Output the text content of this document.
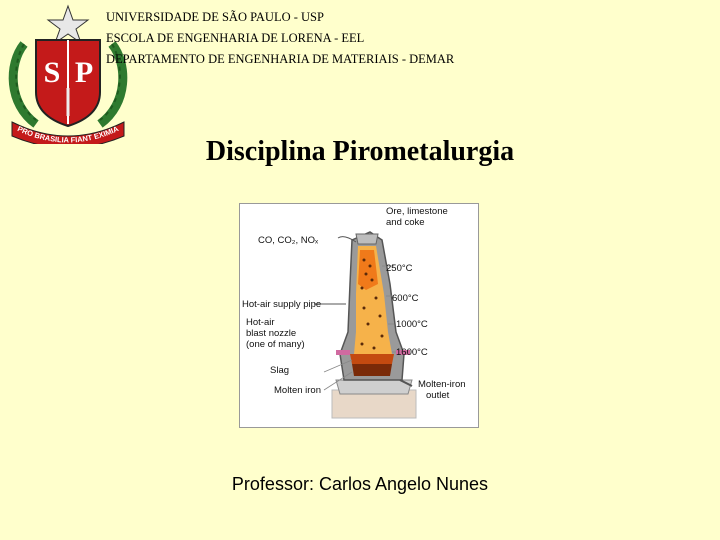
S P
PRO BRASILIA FIANT EXIMIA
UNIVERSIDADE DE SÃO PAULO - USP
ESCOLA DE ENGENHARIA DE LORENA - EEL
DEPARTAMENTO DE ENGENHARIA DE MATERIAIS - DEMAR
Disciplina Pirometalurgia
Ore, limestone
and coke
CO, CO₂, NOₓ
250°C
600°C
Hot-air supply pipe
1000°C
Hot-air
blast nozzle
(one of many)
1600°C
Slag
Molten iron
Molten-iron
outlet
Professor: Carlos Angelo Nunes
